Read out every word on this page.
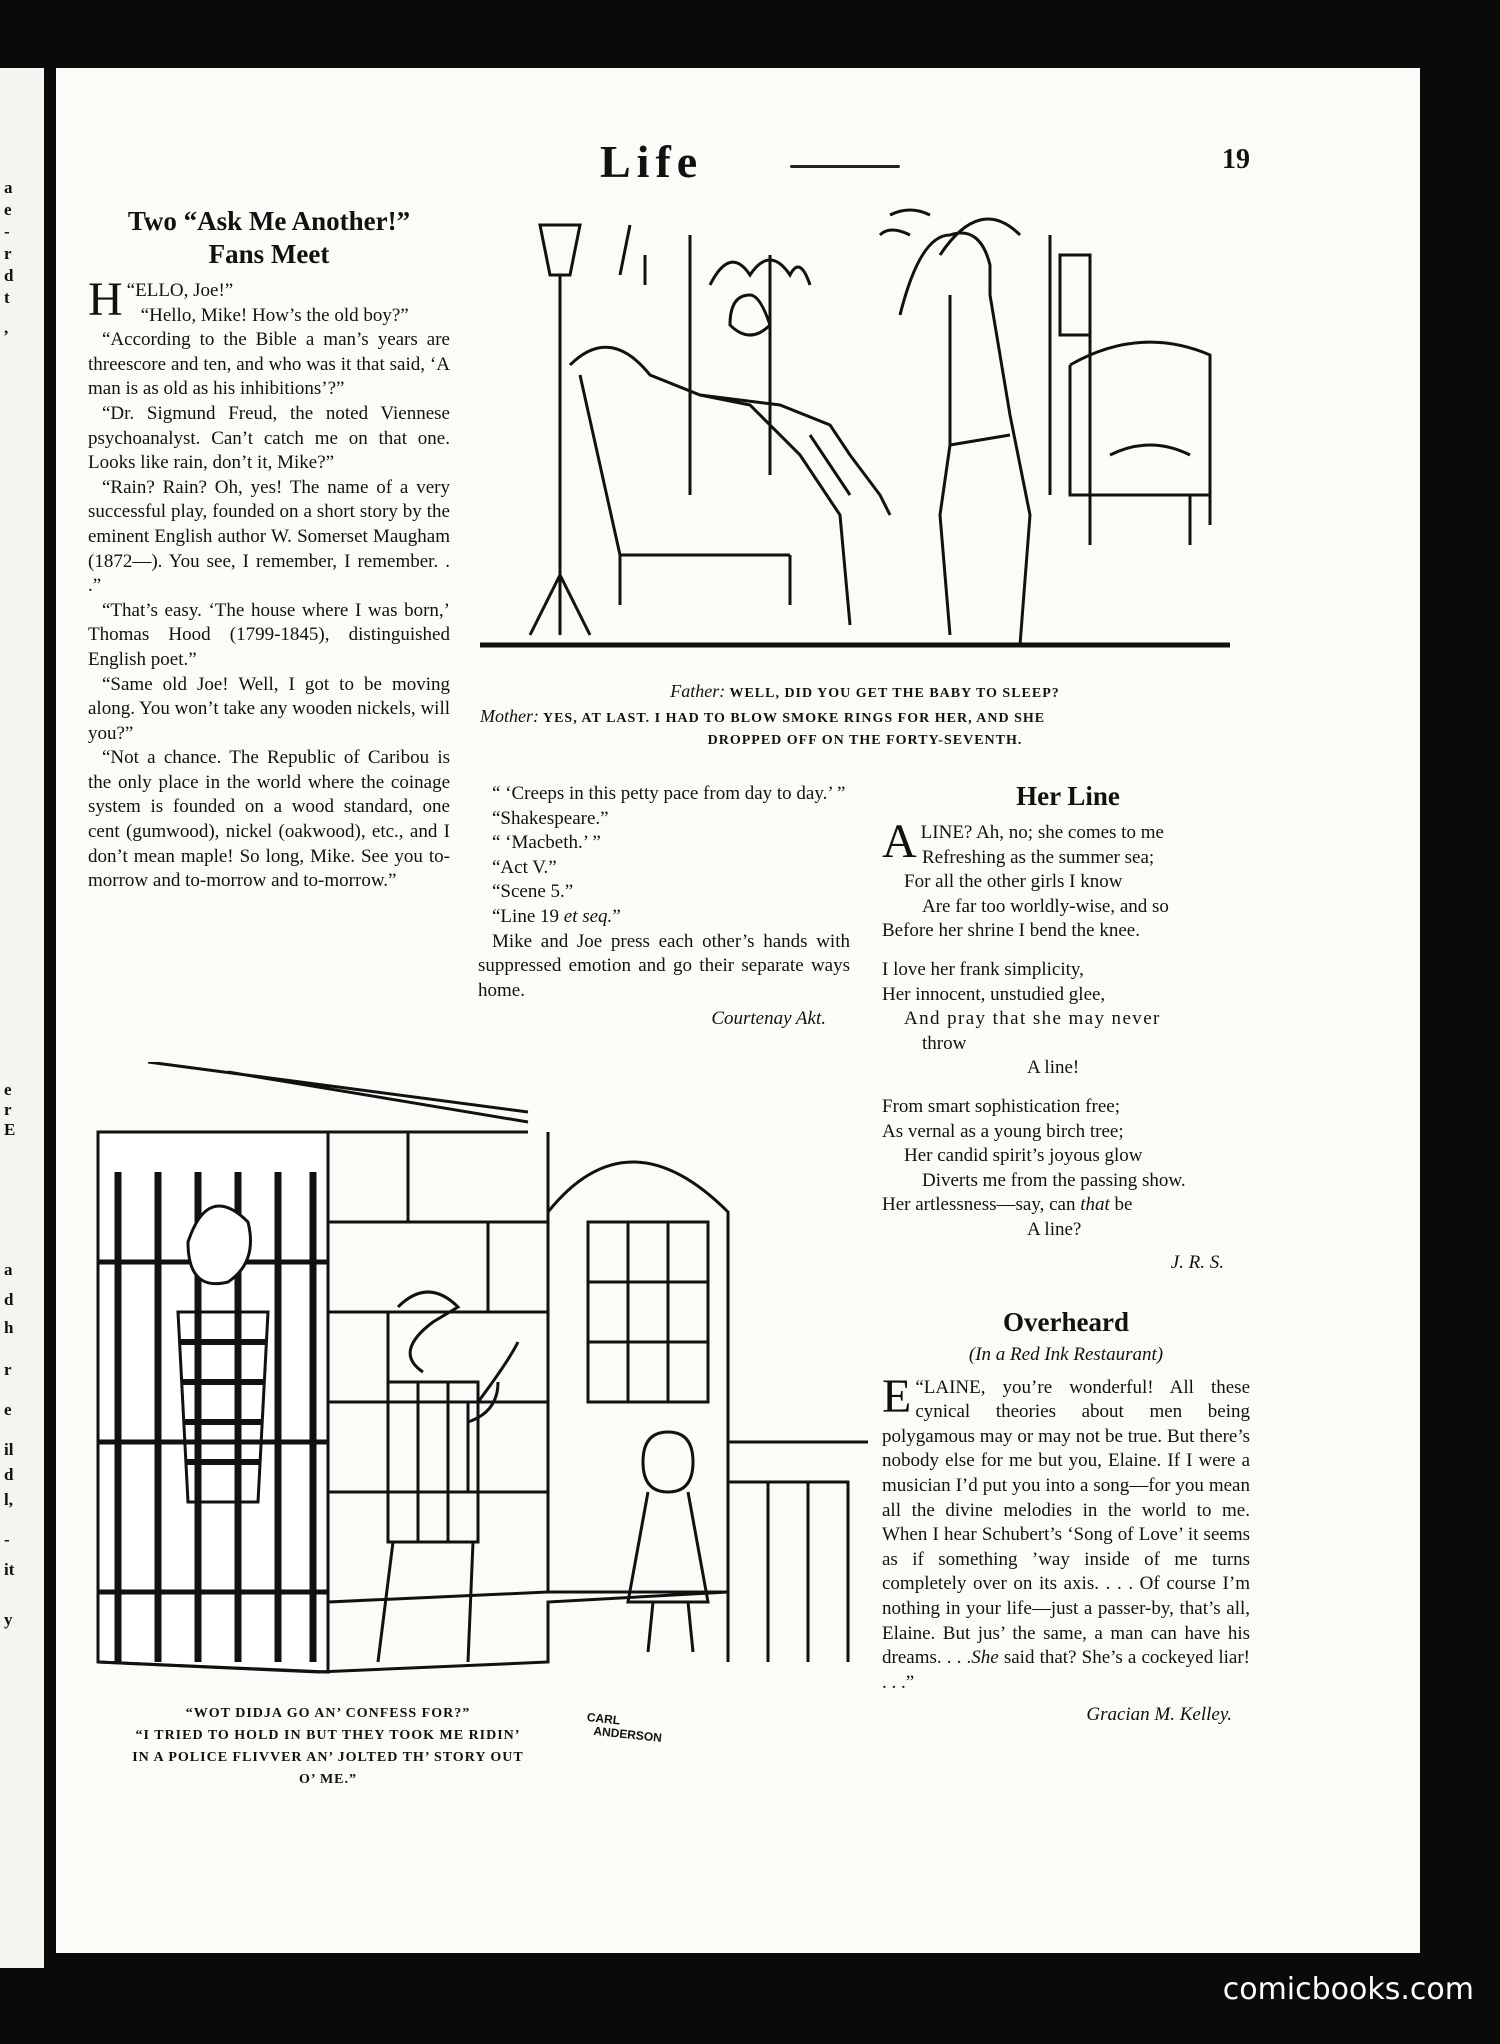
a
e
-
r
d
t
,
e
r
E
a
d
h
r
e
il
d
l,
-
it
y
Life	19
Two “Ask Me Another!”
Fans Meet

H “ELLO, Joe!”

“Hello, Mike! How’s the old boy?”

“According to the Bible a man’s years are threescore and ten, and who was it that said, ‘A man is as old as his inhibitions’?”

“Dr. Sigmund Freud, the noted Viennese psychoanalyst. Can’t catch me on that one. Looks like rain, don’t it, Mike?”

“Rain? Rain? Oh, yes! The name of a very successful play, founded on a short story by the eminent English author W. Somerset Maugham (1872—). You see, I remember, I remember. . .”

“That’s easy. ‘The house where I was born,’ Thomas Hood (1799-1845), distinguished English poet.”

“Same old Joe! Well, I got to be moving along. You won’t take any wooden nickels, will you?”

“Not a chance. The Republic of Caribou is the only place in the world where the coinage system is founded on a wood standard, one cent (gumwood), nickel (oakwood), etc., and I don’t mean maple! So long, Mike. See you to-morrow and to-morrow and to-morrow.”

“ ‘Creeps in this petty pace from day to day.’ ”

“Shakespeare.”

“ ‘Macbeth.’ ”

“Act V.”

“Scene 5.”

“Line 19 et seq.”

Mike and Joe press each other’s hands with suppressed emotion and go their separate ways home.

Courtenay Akt.
Father: WELL, DID YOU GET THE BABY TO SLEEP?
Mother: YES, AT LAST. I HAD TO BLOW SMOKE RINGS FOR HER, AND SHE
DROPPED OFF ON THE FORTY-SEVENTH.
Her Line

ALINE? Ah, no; she comes to me

Refreshing as the summer sea;

For all the other girls I know

Are far too worldly-wise, and so

Before her shrine I bend the knee.

I love her frank simplicity,

Her innocent, unstudied glee,

And pray that she may never

throw

A line!

From smart sophistication free;

As vernal as a young birch tree;

Her candid spirit’s joyous glow

Diverts me from the passing show.

Her artlessness—say, can that be

A line?

J. R. S.
Overheard
(In a Red Ink Restaurant)

E “LAINE, you’re wonderful! All these cynical theories about men being polygamous may or may not be true. But there’s nobody else for me but you, Elaine. If I were a musician I’d put you into a song—for you mean all the divine melodies in the world to me. When I hear Schubert’s ‘Song of Love’ it seems as if something ’way inside of me turns completely over on its axis. . . . Of course I’m nothing in your life—just a passer-by, that’s all, Elaine. But jus’ the same, a man can have his dreams. . . .She said that? She’s a cockeyed liar! . . .”

Gracian M. Kelley.
“WOT DIDJA GO AN’ CONFESS FOR?”
“I TRIED TO HOLD IN BUT THEY TOOK ME RIDIN’
IN A POLICE FLIVVER AN’ JOLTED TH’ STORY OUT
O’ ME.”
CARL
ANDERSON
comicbooks.com
